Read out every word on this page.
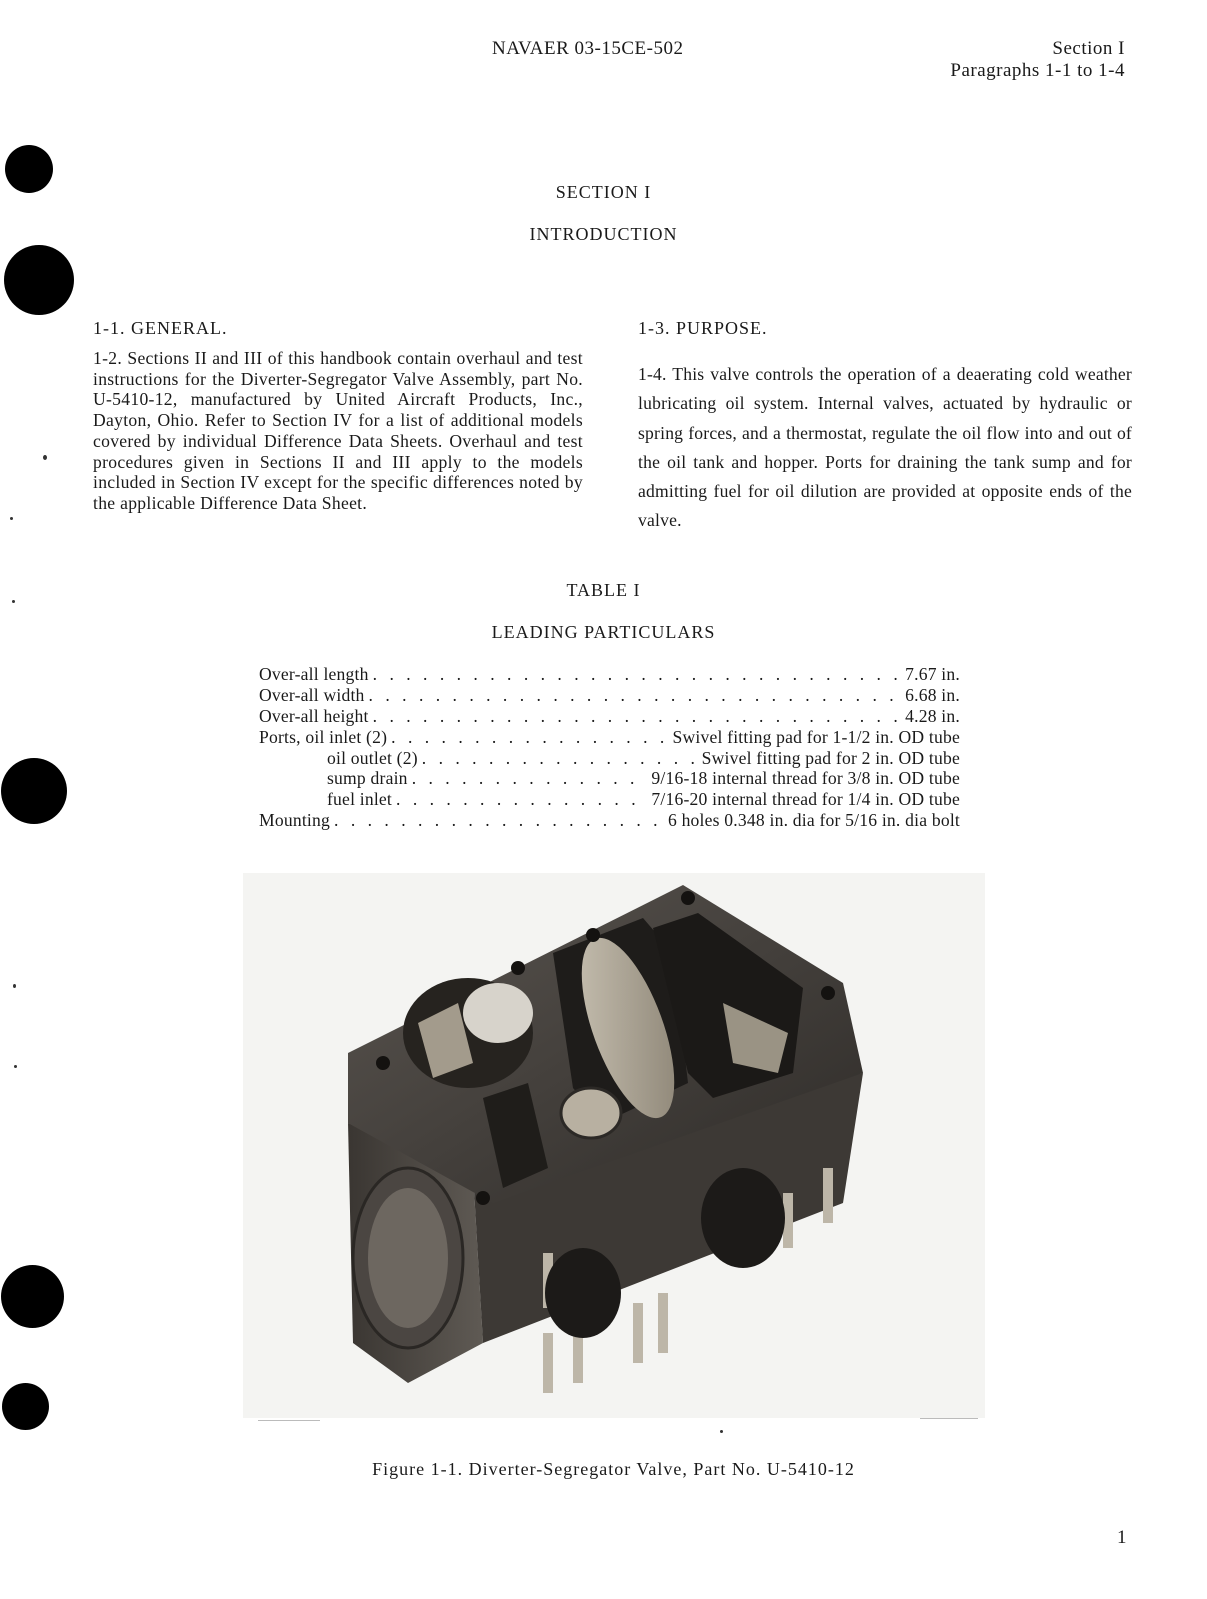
NAVAER 03-15CE-502	Section I
Paragraphs 1-1 to 1-4
SECTION I
INTRODUCTION
1-1. GENERAL.
1-2. Sections II and III of this handbook contain overhaul and test instructions for the Diverter-Segregator Valve Assembly, part No. U-5410-12, manufactured by United Aircraft Products, Inc., Dayton, Ohio. Refer to Section IV for a list of additional models covered by individual Difference Data Sheets. Overhaul and test procedures given in Sections II and III apply to the models included in Section IV except for the specific differences noted by the applicable Difference Data Sheet.
1-3. PURPOSE.
1-4. This valve controls the operation of a deaerating cold weather lubricating oil system. Internal valves, actuated by hydraulic or spring forces, and a thermostat, regulate the oil flow into and out of the oil tank and hopper. Ports for draining the tank sump and for admitting fuel for oil dilution are provided at opposite ends of the valve.
TABLE I
LEADING PARTICULARS
Over-all length . . .	7.67 in.
Over-all width . . .	6.68 in.
Over-all height . . .	4.28 in.
Ports, oil inlet (2) . . .	Swivel fitting pad for 1-1/2 in. OD tube
oil outlet (2) . . .	Swivel fitting pad for 2 in. OD tube
sump drain . . .	9/16-18 internal thread for 3/8 in. OD tube
fuel inlet . . .	7/16-20 internal thread for 1/4 in. OD tube
Mounting . . .	6 holes 0.348 in. dia for 5/16 in. dia bolt
Figure 1-1. Diverter-Segregator Valve, Part No. U-5410-12
1
